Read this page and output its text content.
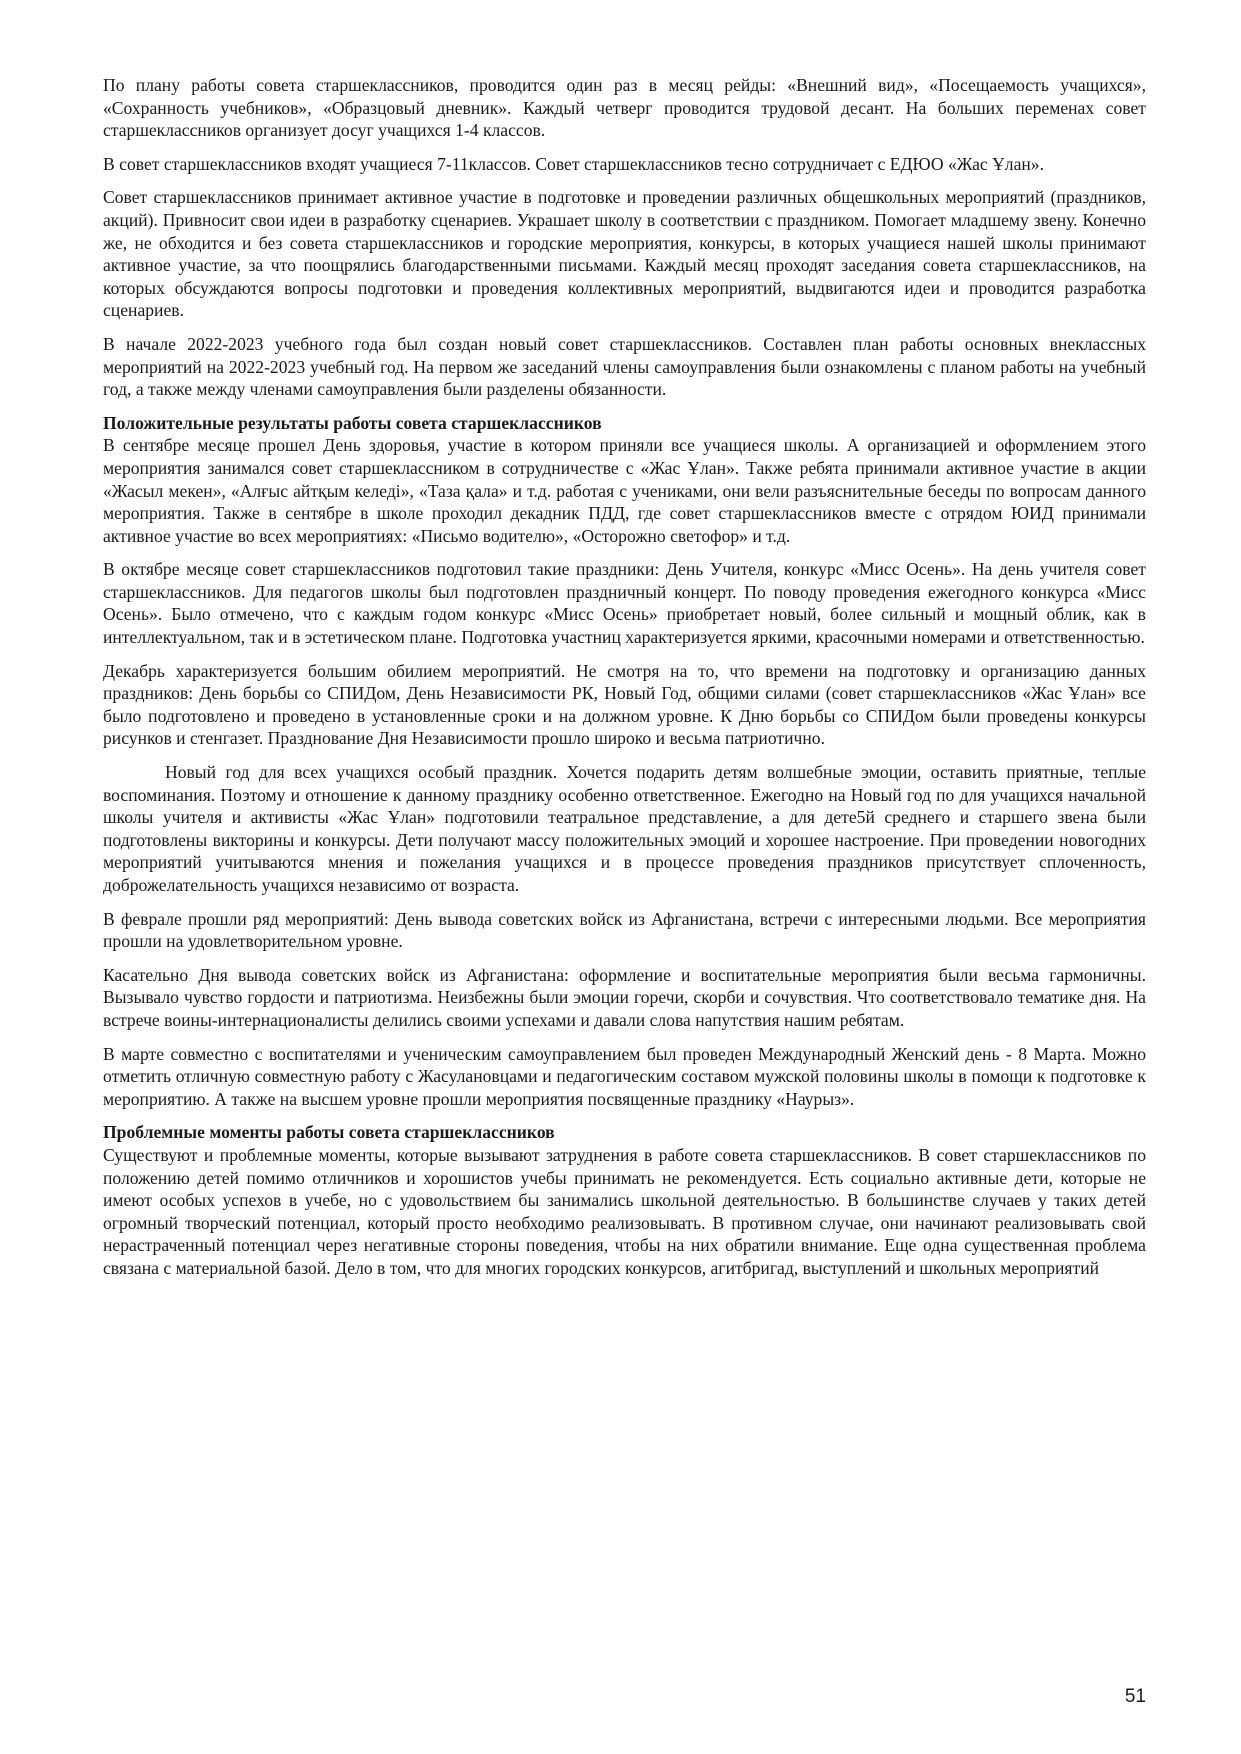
По плану работы совета старшеклассников, проводится один раз в месяц рейды: «Внешний вид», «Посещаемость учащихся», «Сохранность учебников», «Образцовый дневник». Каждый четверг проводится трудовой десант. На больших переменах совет старшеклассников организует досуг учащихся 1-4 классов.

В совет старшеклассников входят учащиеся 7-11классов. Совет старшеклассников тесно сотрудничает с ЕДЮО «Жас Ұлан».

Совет старшеклассников принимает активное участие в подготовке и проведении различных общешкольных мероприятий (праздников, акций). Привносит свои идеи в разработку сценариев. Украшает школу в соответствии с праздником. Помогает младшему звену. Конечно же, не обходится и без совета старшеклассников и городские мероприятия, конкурсы, в которых учащиеся нашей школы принимают активное участие, за что поощрялись благодарственными письмами. Каждый месяц проходят заседания совета старшеклассников, на которых обсуждаются вопросы подготовки и проведения коллективных мероприятий, выдвигаются идеи и проводится разработка сценариев.

В начале 2022-2023 учебного года был создан новый совет старшеклассников. Составлен план работы основных внеклассных мероприятий на 2022-2023 учебный год. На первом же заседаний члены самоуправления были ознакомлены с планом работы на учебный год, а также между членами самоуправления были разделены обязанности.

Положительные результаты работы совета старшеклассников

В сентябре месяце прошел День здоровья, участие в котором приняли все учащиеся школы. А организацией и оформлением этого мероприятия занимался совет старшеклассником в сотрудничестве с «Жас Ұлан». Также ребята принимали активное участие в акции «Жасыл мекен», «Алғыс айтқым келеді», «Таза қала» и т.д. работая с учениками, они вели разъяснительные беседы по вопросам данного мероприятия. Также в сентябре в школе проходил декадник ПДД, где совет старшеклассников вместе с отрядом ЮИД принимали активное участие во всех мероприятиях: «Письмо водителю», «Осторожно светофор» и т.д.

В октябре месяце совет старшеклассников подготовил такие праздники: День Учителя, конкурс «Мисс Осень». На день учителя совет старшеклассников. Для педагогов школы был подготовлен праздничный концерт. По поводу проведения ежегодного конкурса «Мисс Осень». Было отмечено, что с каждым годом конкурс «Мисс Осень» приобретает новый, более сильный и мощный облик, как в интеллектуальном, так и в эстетическом плане. Подготовка участниц характеризуется яркими, красочными номерами и ответственностью.

Декабрь характеризуется большим обилием мероприятий. Не смотря на то, что времени на подготовку и организацию данных праздников: День борьбы со СПИДом, День Независимости РК, Новый Год, общими силами (совет старшеклассников «Жас Ұлан» все было подготовлено и проведено в установленные сроки и на должном уровне. К Дню борьбы со СПИДом были проведены конкурсы рисунков и стенгазет. Празднование Дня Независимости прошло широко и весьма патриотично.

Новый год для всех учащихся особый праздник. Хочется подарить детям волшебные эмоции, оставить приятные, теплые воспоминания. Поэтому и отношение к данному празднику особенно ответственное. Ежегодно на Новый год по для учащихся начальной школы учителя и активисты «Жас Ұлан» подготовили театральное представление, а для дете5й среднего и старшего звена были подготовлены викторины и конкурсы. Дети получают массу положительных эмоций и хорошее настроение. При проведении новогодних мероприятий учитываются мнения и пожелания учащихся и в процессе проведения праздников присутствует сплоченность, доброжелательность учащихся независимо от возраста.

В феврале прошли ряд мероприятий: День вывода советских войск из Афганистана, встречи с интересными людьми. Все мероприятия прошли на удовлетворительном уровне.

Касательно Дня вывода советских войск из Афганистана: оформление и воспитательные мероприятия были весьма гармоничны. Вызывало чувство гордости и патриотизма. Неизбежны были эмоции горечи, скорби и сочувствия. Что соответствовало тематике дня. На встрече воины-интернационалисты делились своими успехами и давали слова напутствия нашим ребятам.

В марте совместно с воспитателями и ученическим самоуправлением был проведен Международный Женский день - 8 Марта. Можно отметить отличную совместную работу с Жасулановцами и педагогическим составом мужской половины школы в помощи к подготовке к мероприятию. А также на высшем уровне прошли мероприятия посвященные празднику «Наурыз».

Проблемные моменты работы совета старшеклассников

Существуют и проблемные моменты, которые вызывают затруднения в работе совета старшеклассников. В совет старшеклассников по положению детей помимо отличников и хорошистов учебы принимать не рекомендуется. Есть социально активные дети, которые не имеют особых успехов в учебе, но с удовольствием бы занимались школьной деятельностью. В большинстве случаев у таких детей огромный творческий потенциал, который просто необходимо реализовывать. В противном случае, они начинают реализовывать свой нерастраченный потенциал через негативные стороны поведения, чтобы на них обратили внимание. Еще одна существенная проблема связана с материальной базой. Дело в том, что для многих городских конкурсов, агитбригад, выступлений и школьных мероприятий

51
